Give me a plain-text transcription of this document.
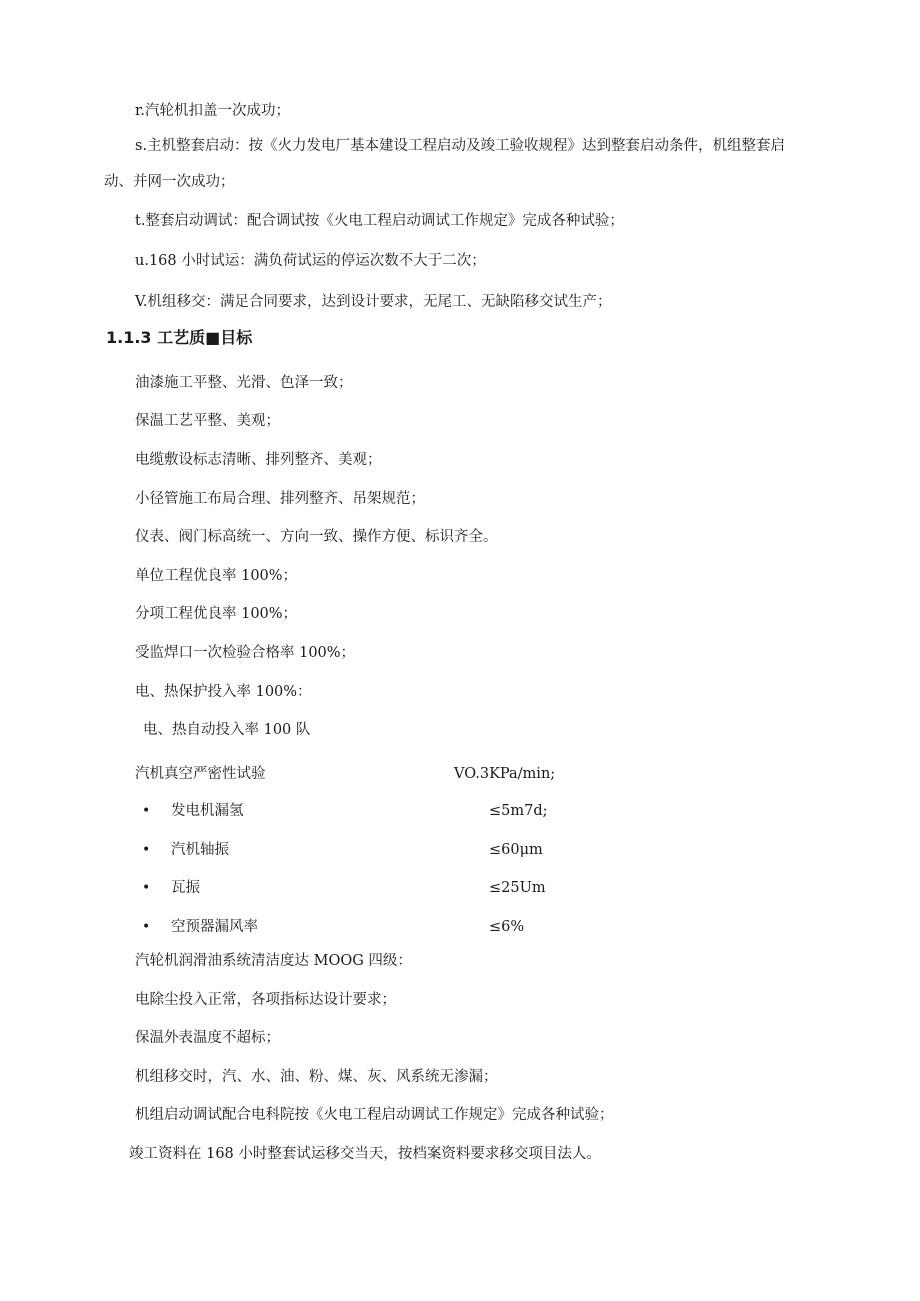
r.汽轮机扣盖一次成功；
s.主机整套启动：按《火力发电厂基本建设工程启动及竣工验收规程》达到整套启动条件，机组整套启
动、并网一次成功；
t.整套启动调试：配合调试按《火电工程启动调试工作规定》完成各种试验；
u.168 小时试运：满负荷试运的停运次数不大于二次；
V.机组移交：满足合同要求，达到设计要求，无尾工、无缺陷移交试生产；
1.1.3 工艺质■目标
油漆施工平整、光滑、色泽一致；
保温工艺平整、美观；
电缆敷设标志清晰、排列整齐、美观；
小径管施工布局合理、排列整齐、吊架规范；
仪表、阀门标高统一、方向一致、操作方便、标识齐全。
单位工程优良率 100%；
分项工程优良率 100%；
受监焊口一次检验合格率 100%；
电、热保护投入率 100%：
电、热自动投入率 100 队
汽机真空严密性试验	VO.3KPa∕min;
• 发电机漏氢	≤5m7d;
• 汽机轴振	≤60μm
• 瓦振	≤25Um
• 空预器漏风率	≤6%
汽轮机润滑油系统清洁度达 MOOG 四级：
电除尘投入正常，各项指标达设计要求；
保温外表温度不超标；
机组移交时，汽、水、油、粉、煤、灰、风系统无渗漏；
机组启动调试配合电科院按《火电工程启动调试工作规定》完成各种试验；
竣工资料在 168 小时整套试运移交当天，按档案资料要求移交项目法人。
